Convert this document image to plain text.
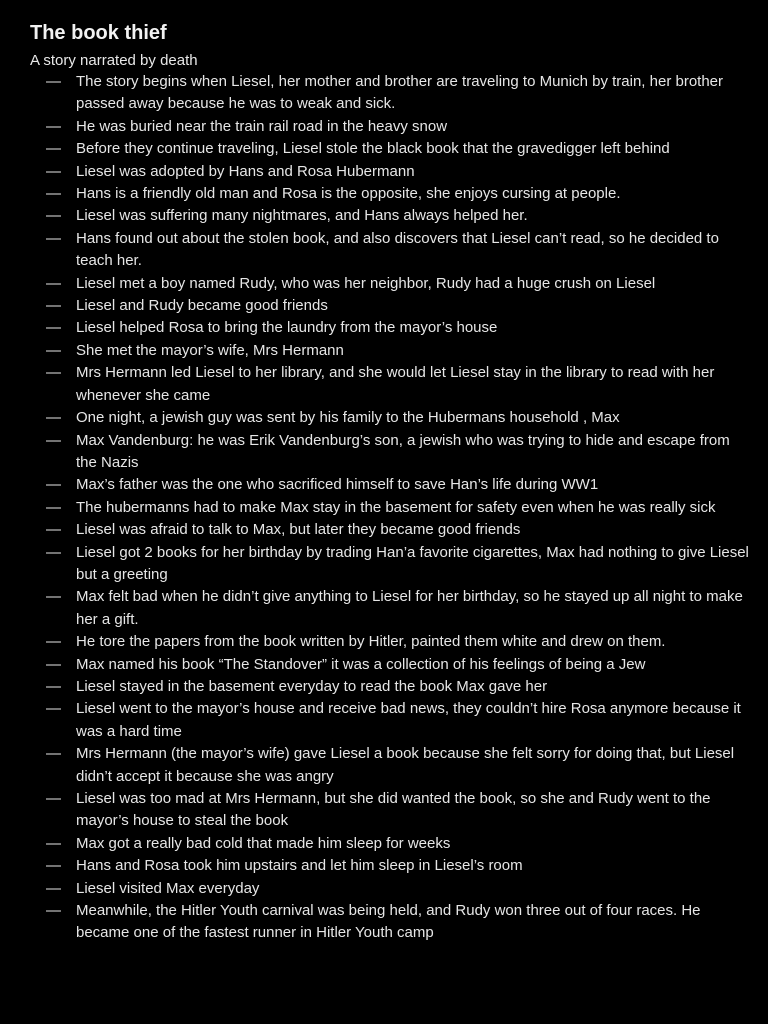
The book thief
A story narrated by death
— The story begins when Liesel, her mother and brother are traveling to Munich by train, her brother passed away because he was to weak and sick.
— He was buried near the train rail road in the heavy snow
— Before they continue traveling, Liesel stole the black book that the gravedigger left behind
— Liesel was adopted by Hans and Rosa Hubermann
— Hans is a friendly old man and Rosa is the opposite, she enjoys cursing at people.
— Liesel was suffering many nightmares, and Hans always helped her.
— Hans found out about the stolen book, and also discovers that Liesel can’t read, so he decided to teach her.
— Liesel met a boy named Rudy, who was her neighbor, Rudy had a huge crush on Liesel
— Liesel and Rudy became good friends
— Liesel helped Rosa to bring the laundry from the mayor’s house
— She met the mayor’s wife, Mrs Hermann
— Mrs Hermann led Liesel to her library, and she would let Liesel stay in the library to read with her whenever she came
— One night, a jewish guy was sent by his family to the Hubermans household , Max
— Max Vandenburg: he was Erik Vandenburg’s son, a jewish who was trying to hide and escape from the Nazis
— Max’s father was the one who sacrificed himself to save Han’s life during WW1
— The hubermanns had to make Max stay in the basement for safety even when he was really sick
— Liesel was afraid to talk to Max, but later they became good friends
— Liesel got 2 books for her birthday by trading Han’a favorite cigarettes, Max had nothing to give Liesel but a greeting
— Max felt bad when he didn’t give anything to Liesel for her birthday, so he stayed up all night to make her a gift.
— He tore the papers from the book written by Hitler, painted them white and drew on them.
— Max named his book “The Standover” it was a collection of his feelings of being a Jew
— Liesel stayed in the basement everyday to read the book Max gave her
— Liesel went to the mayor’s house and receive bad news, they couldn’t hire Rosa anymore because it was a hard time
— Mrs Hermann (the mayor’s wife) gave Liesel a book because she felt sorry for doing that, but Liesel didn’t accept it because she was angry
— Liesel was too mad at Mrs Hermann, but she did wanted the book, so she and Rudy went to the mayor’s house to steal the book
— Max got a really bad cold that made him sleep for weeks
— Hans and Rosa took him upstairs and let him sleep in Liesel’s room
— Liesel visited Max everyday
— Meanwhile, the Hitler Youth carnival was being held, and Rudy won three out of four races. He became one of the fastest runner in Hitler Youth camp
